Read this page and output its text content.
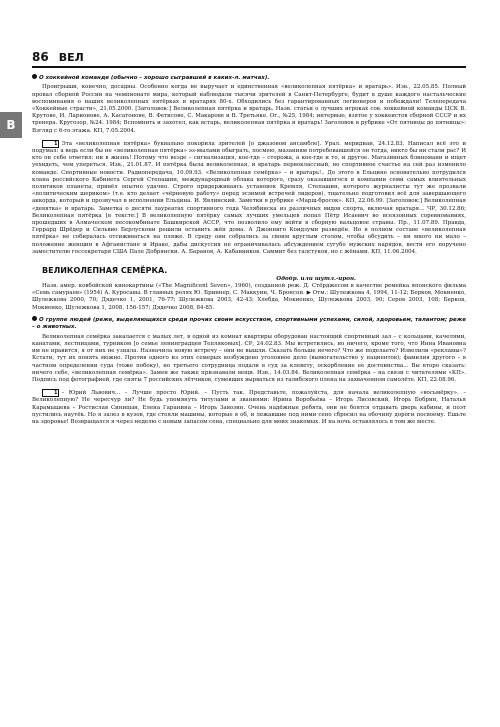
86 ВЕЛ
В

О хоккейной команде (обычно – хорошо сыгравшей в каких-л. матчах).

Проигрыши, конечно, досадны. Особенно когда не выручает и единственная «великолепная пятёрка» и вратарь». Изв., 22.05.85. Полный провал сборной России на чемпионате мира, который наблюдали тысячи зрителей в Санкт-Петербурге, будит в душе каждого настальческие воспоминания о наших великолепных пятёрках и вратарях 80-х. Обходились без гарантированных легионеров и побеждали! Телепередача «Хоккейные страсти», 21.05.2000. [Заголовок:] Великолепная пятёрка и вратарь. Назв. статьи о лучших игроках сов. хоккейной команды ЦСК В. Крутове, И. Ларионове, А. Касатонове, В. Фетисове, С. Макарове и В. Третьяке. Ог., №25, 1984; интервью, взятое у хоккеистов сборной СССР и их тренера. Кругозор, №24. 1984; Вспомнить и захотел, как встарь, великолепная пятёрка и вратарь! Заголовок в рубрике «От пятницы до пятницы»: Взгляд с 6-го этажа. КП, 7.05.2004.

1 Эта «великолепная пятёрка» буквально покорила зрителей [о джазовом ансамбле]. Урал. меридиан, 24.12.83. Написал всё это и подумал: а ведь если бы не «великолепная пятёрка» эз-мылами обыграть, посмею, мазаниям потребовавшейся он тогда, никто бы ни стали рас? И кто он себе ответил: ни в жизнь! Потому что везде – сигнализация, кое-где – сторожа, а кое-где и то, и другое. Магазинных блиномани и ищет уехидеть, чем упереться. Изв., 21.01.87. И пятёрка была великолепная, и вратарь первоклассный, но спортивное счастье на сей раз изменило команде. Спортивные новости. Радиопередача, 10.09.93. «Великолепная семёрка» – и вратарь!.. До этого в Ельцине основательно потрудился клана российского Кабинета Сергей Степашин, международный облака которого, сразу оказавшегося в компании семи самых влиятельных политиков планеты, привёл опытно удачно. Строго придерживаясь установок Кремля, Степашин, которого журналисты тут же прозвали «политическим шериком» (т.е. кто делает «чёрновую работу» перед эсэнмой встречей лидеров), тщательно подготовил всё для завершающего аккорда, который и прозвучал в исполнении Ельцина. И. Явлинский. Заметки в рубрике «Марш-бросок». КП, 22.06.99. [Заголовок:] Великолепная «девятка» и вратарь. Заметка о десяти лауреатах спортивного года Челябинска из различных видов спорта, включая вратаря... ЧР, 30.12.86; Великолепная пятёрка [в тексте:] В великолепную пятёрку самых лучших умельцев попал Пётр Исаевич во всеязонных соревнованиях, прошедших в Алмаческом песокомбинате Башкирской АССР, что позволило ему войти в сборную вальцовое страны. Пр., 11.07.89. Правда, Геррард Шрёдер и Сильвио Берлускони решили оставить жён дома. А Джонниго Коидзуми разведён. Но в полном составе «великолепная пятёрка» не собиралась отсиживаться на пляже. В среду они собрались за своим круглым столом, чтобы обсудить – ни много ни мало – положение женщин в Афганистане и Ираке, дабы дискуссия не ограничивалась абсуждением сугубо мужских нарядов, вести его поручено заместителю госсекретаря США Пале Добрянски. А. Баранов, А. Кабанников. Саммит без галстуков, но с жёнами. КП, 11.06.2004.

ВЕЛИКОЛЕПНАЯ СЕМЁРКА.

Одобр. или шутл.-ирон.

Назв. амер. ковбойской кинокартины («The Magnificent Seven», 1960), созданной реж. Д. Стёрджесом в качестве ремейка японского фильма «Семь самураев» (1954) А. Куросавы. В главных ролях Ю. Бриннер, С. Маккуин, Ч. Бронсон. ▶ Отм.: Шулежкова 4, 1994, 11-12; Берков, Мокиенко, Шулежкова 2000, 70; Дядечко 1, 2001, 76-77; Шулежкова 2003, 42-43; Хлебда, Мокиенко, Шулежкова 2003, 90; Серов 2003, 108; Берков, Мокиенко, Шулежкова 1, 2008, 156-157; Дядечко 2008, 84-85.

О группе людей (реже, выделяющихся среди прочих своим искусством, спортивными успехами, силой, здоровьем, талантом; реже – о животных.

Великолепная семёрка закалается с малых лет, в одной из комнат квартиры оборудован настоящий спортивный зал – с кольцами, качелями, канатами, лестницами, турником [о семье ленинградцев Тепляковых]. СР, 24.02.83. Мы встретились, но ничего, кроме того, что Инна Ивановна им не нравится, я от них не узнала. Назначила новую встречу – они не вышли. Сказать больше нечего? Что же поделаете? Извелили «рекламы»? Кстати, тут их понять можно. Против одного из этих семерых возбуждено уголовное дело (вымогательство у пациентов); фамилия другого – в частном определении суда (тоже побоку), но третьего сотрудница подали в суд за клевету, оскорбление ее достоинства... Вы второ сказать: ничего себе, «великолепная семёрка». Замен же также признавали вещи. Изв., 14.03.84. Великолепная семёрка – на связи с читателями «КП». Подпись под фотографией, где сняты 7 российских лётчиков, сумевших вырваться из талибского плена на захваченном самолёте. КП, 22.08.96.

1 – Юрий Львович... – Лучше просто Юрий. – Пусть так. Представьте, пожалуйста, для начала великолепную «восьмёрку». – Великолепную? Не чересчур ли? Не будь упомянуть титулами и званиями: Ирина Воробьёва – Игорь Лисовский, Игорь Бобрин, Наталья Карамышева – Ростислав Синицын, Елена Гаранина – Игорь Завозин. Очень надёжные ребята, они не боятся отдавать дверь кабины, и поэт пустились наутёк. Но я залез в кузов, где стояли машины, которые я об, и лежавшие под ними сено сбросил на обочину дороги посвоему. Ешьте на здоровье! Возвращался я через неделю с новым запасом сена, специально для моих знакомых. И на ночь оставлялось в том же месте.
